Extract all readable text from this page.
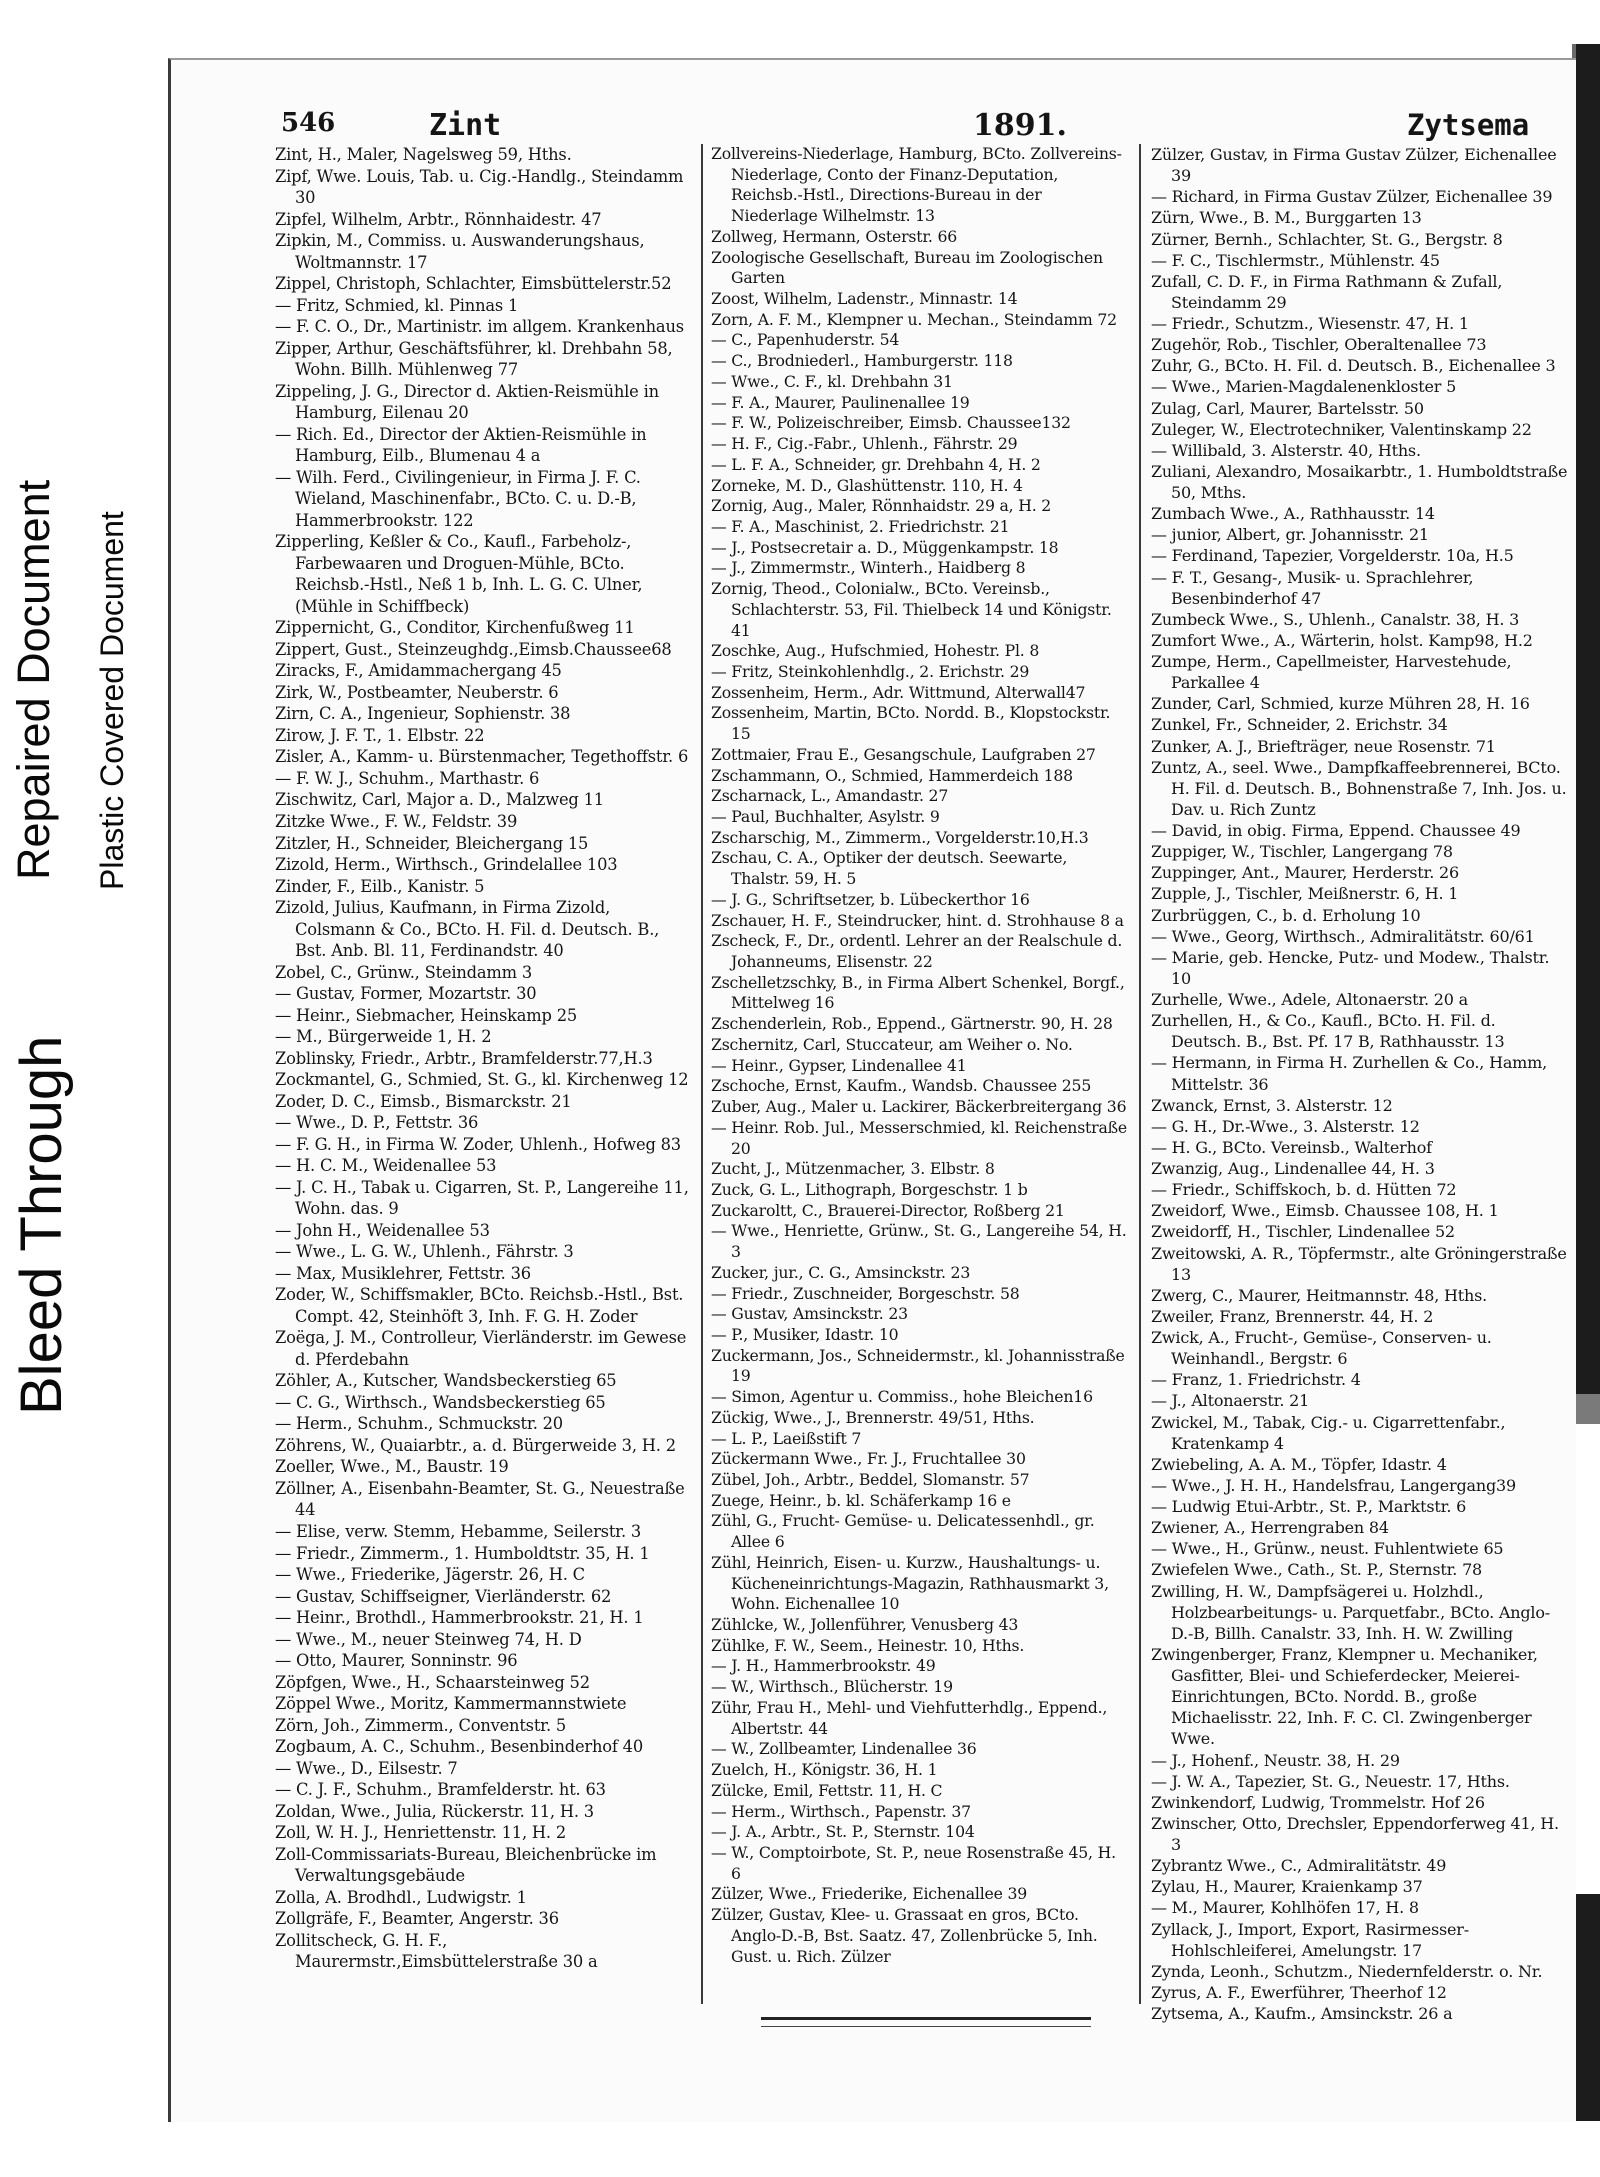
Bleed Through
Repaired Document Plastic Covered Document
546	Zint	1891.	Zytsema
Zint, H., Maler, Nagelsweg 59, Hths.
Zipf, Wwe. Louis, Tab. u. Cig.-Handlg., Steindamm 30
Zipfel, Wilhelm, Arbtr., Rönnhaidestr. 47
Zipkin, M., Commiss. u. Auswanderungshaus, Woltmannstr. 17
Zippel, Christoph, Schlachter, Eimsbüttelerstr.52
— Fritz, Schmied, kl. Pinnas 1
— F. C. O., Dr., Martinistr. im allgem. Krankenhaus
Zipper, Arthur, Geschäftsführer, kl. Drehbahn 58, Wohn. Billh. Mühlenweg 77
Zippeling, J. G., Director d. Aktien-Reismühle in Hamburg, Eilenau 20
— Rich. Ed., Director der Aktien-Reismühle in Hamburg, Eilb., Blumenau 4 a
— Wilh. Ferd., Civilingenieur, in Firma J. F. C. Wieland, Maschinenfabr., BCto. C. u. D.-B, Hammerbrookstr. 122
Zipperling, Keßler & Co., Kaufl., Farbeholz-, Farbewaaren und Droguen-Mühle, BCto. Reichsb.-Hstl., Neß 1 b, Inh. L. G. C. Ulner, (Mühle in Schiffbeck)
Zippernicht, G., Conditor, Kirchenfußweg 11
Zippert, Gust., Steinzeughdg.,Eimsb.Chaussee68
Ziracks, F., Amidammachergang 45
Zirk, W., Postbeamter, Neuberstr. 6
Zirn, C. A., Ingenieur, Sophienstr. 38
Zirow, J. F. T., 1. Elbstr. 22
Zisler, A., Kamm- u. Bürstenmacher, Tegethoffstr. 6
— F. W. J., Schuhm., Marthastr. 6
Zischwitz, Carl, Major a. D., Malzweg 11
Zitzke Wwe., F. W., Feldstr. 39
Zitzler, H., Schneider, Bleichergang 15
Zizold, Herm., Wirthsch., Grindelallee 103
Zinder, F., Eilb., Kanistr. 5
Zizold, Julius, Kaufmann, in Firma Zizold, Colsmann & Co., BCto. H. Fil. d. Deutsch. B., Bst. Anb. Bl. 11, Ferdinandstr. 40
Zobel, C., Grünw., Steindamm 3
— Gustav, Former, Mozartstr. 30
— Heinr., Siebmacher, Heinskamp 25
— M., Bürgerweide 1, H. 2
Zoblinsky, Friedr., Arbtr., Bramfelderstr.77,H.3
Zockmantel, G., Schmied, St. G., kl. Kirchenweg 12
Zoder, D. C., Eimsb., Bismarckstr. 21
— Wwe., D. P., Fettstr. 36
— F. G. H., in Firma W. Zoder, Uhlenh., Hofweg 83
— H. C. M., Weidenallee 53
— J. C. H., Tabak u. Cigarren, St. P., Langereihe 11, Wohn. das. 9
— John H., Weidenallee 53
— Wwe., L. G. W., Uhlenh., Fährstr. 3
— Max, Musiklehrer, Fettstr. 36
Zoder, W., Schiffsmakler, BCto. Reichsb.-Hstl., Bst. Compt. 42, Steinhöft 3, Inh. F. G. H. Zoder
Zoëga, J. M., Controlleur, Vierländerstr. im Gewese d. Pferdebahn
Zöhler, A., Kutscher, Wandsbeckerstieg 65
— C. G., Wirthsch., Wandsbeckerstieg 65
— Herm., Schuhm., Schmuckstr. 20
Zöhrens, W., Quaiarbtr., a. d. Bürgerweide 3, H. 2
Zoeller, Wwe., M., Baustr. 19
Zöllner, A., Eisenbahn-Beamter, St. G., Neuestraße 44
— Elise, verw. Stemm, Hebamme, Seilerstr. 3
— Friedr., Zimmerm., 1. Humboldtstr. 35, H. 1
— Wwe., Friederike, Jägerstr. 26, H. C
— Gustav, Schiffseigner, Vierländerstr. 62
— Heinr., Brothdl., Hammerbrookstr. 21, H. 1
— Wwe., M., neuer Steinweg 74, H. D
— Otto, Maurer, Sonninstr. 96
Zöpfgen, Wwe., H., Schaarsteinweg 52
Zöppel Wwe., Moritz, Kammermannstwiete
Zörn, Joh., Zimmerm., Conventstr. 5
Zogbaum, A. C., Schuhm., Besenbinderhof 40
— Wwe., D., Eilsestr. 7
— C. J. F., Schuhm., Bramfelderstr. ht. 63
Zoldan, Wwe., Julia, Rückerstr. 11, H. 3
Zoll, W. H. J., Henriettenstr. 11, H. 2
Zoll-Commissariats-Bureau, Bleichenbrücke im Verwaltungsgebäude
Zolla, A. Brodhdl., Ludwigstr. 1
Zollgräfe, F., Beamter, Angerstr. 36
Zollitscheck, G. H. F., Maurermstr.,Eimsbüttelerstraße 30 a
Zollvereins-Niederlage, Hamburg, BCto. Zollvereins-Niederlage, Conto der Finanz-Deputation, Reichsb.-Hstl., Directions-Bureau in der Niederlage Wilhelmstr. 13
Zollweg, Hermann, Osterstr. 66
Zoologische Gesellschaft, Bureau im Zoologischen Garten
Zoost, Wilhelm, Ladenstr., Minnastr. 14
Zorn, A. F. M., Klempner u. Mechan., Steindamm 72
— C., Papenhuderstr. 54
— C., Brodniederl., Hamburgerstr. 118
— Wwe., C. F., kl. Drehbahn 31
— F. A., Maurer, Paulinenallee 19
— F. W., Polizeischreiber, Eimsb. Chaussee132
— H. F., Cig.-Fabr., Uhlenh., Fährstr. 29
— L. F. A., Schneider, gr. Drehbahn 4, H. 2
Zorneke, M. D., Glashüttenstr. 110, H. 4
Zornig, Aug., Maler, Rönnhaidstr. 29 a, H. 2
— F. A., Maschinist, 2. Friedrichstr. 21
— J., Postsecretair a. D., Müggenkampstr. 18
— J., Zimmermstr., Winterh., Haidberg 8
Zornig, Theod., Colonialw., BCto. Vereinsb., Schlachterstr. 53, Fil. Thielbeck 14 und Königstr. 41
Zoschke, Aug., Hufschmied, Hohestr. Pl. 8
— Fritz, Steinkohlenhdlg., 2. Erichstr. 29
Zossenheim, Herm., Adr. Wittmund, Alterwall47
Zossenheim, Martin, BCto. Nordd. B., Klopstockstr. 15
Zottmaier, Frau E., Gesangschule, Laufgraben 27
Zschammann, O., Schmied, Hammerdeich 188
Zscharnack, L., Amandastr. 27
— Paul, Buchhalter, Asylstr. 9
Zscharschig, M., Zimmerm., Vorgelderstr.10,H.3
Zschau, C. A., Optiker der deutsch. Seewarte, Thalstr. 59, H. 5
— J. G., Schriftsetzer, b. Lübeckerthor 16
Zschauer, H. F., Steindrucker, hint. d. Strohhause 8 a
Zscheck, F., Dr., ordentl. Lehrer an der Realschule d. Johanneums, Elisenstr. 22
Zschelletzschky, B., in Firma Albert Schenkel, Borgf., Mittelweg 16
Zschenderlein, Rob., Eppend., Gärtnerstr. 90, H. 28
Zschernitz, Carl, Stuccateur, am Weiher o. No.
— Heinr., Gypser, Lindenallee 41
Zschoche, Ernst, Kaufm., Wandsb. Chaussee 255
Zuber, Aug., Maler u. Lackirer, Bäckerbreitergang 36
— Heinr. Rob. Jul., Messerschmied, kl. Reichenstraße 20
Zucht, J., Mützenmacher, 3. Elbstr. 8
Zuck, G. L., Lithograph, Borgeschstr. 1 b
Zuckaroltt, C., Brauerei-Director, Roßberg 21
— Wwe., Henriette, Grünw., St. G., Langereihe 54, H. 3
Zucker, jur., C. G., Amsinckstr. 23
— Friedr., Zuschneider, Borgeschstr. 58
— Gustav, Amsinckstr. 23
— P., Musiker, Idastr. 10
Zuckermann, Jos., Schneidermstr., kl. Johannisstraße 19
— Simon, Agentur u. Commiss., hohe Bleichen16
Zückig, Wwe., J., Brennerstr. 49/51, Hths.
— L. P., Laeißstift 7
Zückermann Wwe., Fr. J., Fruchtallee 30
Zübel, Joh., Arbtr., Beddel, Slomanstr. 57
Zuege, Heinr., b. kl. Schäferkamp 16 e
Zühl, G., Frucht- Gemüse- u. Delicatessenhdl., gr. Allee 6
Zühl, Heinrich, Eisen- u. Kurzw., Haushaltungs- u. Kücheneinrichtungs-Magazin, Rathhausmarkt 3, Wohn. Eichenallee 10
Zühlcke, W., Jollenführer, Venusberg 43
Zühlke, F. W., Seem., Heinestr. 10, Hths.
— J. H., Hammerbrookstr. 49
— W., Wirthsch., Blücherstr. 19
Zühr, Frau H., Mehl- und Viehfutterhdlg., Eppend., Albertstr. 44
— W., Zollbeamter, Lindenallee 36
Zuelch, H., Königstr. 36, H. 1
Zülcke, Emil, Fettstr. 11, H. C
— Herm., Wirthsch., Papenstr. 37
— J. A., Arbtr., St. P., Sternstr. 104
— W., Comptoirbote, St. P., neue Rosenstraße 45, H. 6
Zülzer, Wwe., Friederike, Eichenallee 39
Zülzer, Gustav, Klee- u. Grassaat en gros, BCto. Anglo-D.-B, Bst. Saatz. 47, Zollenbrücke 5, Inh. Gust. u. Rich. Zülzer
Zülzer, Gustav, in Firma Gustav Zülzer, Eichenallee 39
— Richard, in Firma Gustav Zülzer, Eichenallee 39
Zürn, Wwe., B. M., Burggarten 13
Zürner, Bernh., Schlachter, St. G., Bergstr. 8
— F. C., Tischlermstr., Mühlenstr. 45
Zufall, C. D. F., in Firma Rathmann & Zufall, Steindamm 29
— Friedr., Schutzm., Wiesenstr. 47, H. 1
Zugehör, Rob., Tischler, Oberaltenallee 73
Zuhr, G., BCto. H. Fil. d. Deutsch. B., Eichenallee 3
— Wwe., Marien-Magdalenenkloster 5
Zulag, Carl, Maurer, Bartelsstr. 50
Zuleger, W., Electrotechniker, Valentinskamp 22
— Willibald, 3. Alsterstr. 40, Hths.
Zuliani, Alexandro, Mosaikarbtr., 1. Humboldtstraße 50, Mths.
Zumbach Wwe., A., Rathhausstr. 14
— junior, Albert, gr. Johannisstr. 21
— Ferdinand, Tapezier, Vorgelderstr. 10a, H.5
— F. T., Gesang-, Musik- u. Sprachlehrer, Besenbinderhof 47
Zumbeck Wwe., S., Uhlenh., Canalstr. 38, H. 3
Zumfort Wwe., A., Wärterin, holst. Kamp98, H.2
Zumpe, Herm., Capellmeister, Harvestehude, Parkallee 4
Zunder, Carl, Schmied, kurze Mühren 28, H. 16
Zunkel, Fr., Schneider, 2. Erichstr. 34
Zunker, A. J., Briefträger, neue Rosenstr. 71
Zuntz, A., seel. Wwe., Dampfkaffeebrennerei, BCto. H. Fil. d. Deutsch. B., Bohnenstraße 7, Inh. Jos. u. Dav. u. Rich Zuntz
— David, in obig. Firma, Eppend. Chaussee 49
Zuppiger, W., Tischler, Langergang 78
Zuppinger, Ant., Maurer, Herderstr. 26
Zupple, J., Tischler, Meißnerstr. 6, H. 1
Zurbrüggen, C., b. d. Erholung 10
— Wwe., Georg, Wirthsch., Admiralitätstr. 60/61
— Marie, geb. Hencke, Putz- und Modew., Thalstr. 10
Zurhelle, Wwe., Adele, Altonaerstr. 20 a
Zurhellen, H., & Co., Kaufl., BCto. H. Fil. d. Deutsch. B., Bst. Pf. 17 B, Rathhausstr. 13
— Hermann, in Firma H. Zurhellen & Co., Hamm, Mittelstr. 36
Zwanck, Ernst, 3. Alsterstr. 12
— G. H., Dr.-Wwe., 3. Alsterstr. 12
— H. G., BCto. Vereinsb., Walterhof
Zwanzig, Aug., Lindenallee 44, H. 3
— Friedr., Schiffskoch, b. d. Hütten 72
Zweidorf, Wwe., Eimsb. Chaussee 108, H. 1
Zweidorff, H., Tischler, Lindenallee 52
Zweitowski, A. R., Töpfermstr., alte Gröningerstraße 13
Zwerg, C., Maurer, Heitmannstr. 48, Hths.
Zweiler, Franz, Brennerstr. 44, H. 2
Zwick, A., Frucht-, Gemüse-, Conserven- u. Weinhandl., Bergstr. 6
— Franz, 1. Friedrichstr. 4
— J., Altonaerstr. 21
Zwickel, M., Tabak, Cig.- u. Cigarrettenfabr., Kratenkamp 4
Zwiebeling, A. A. M., Töpfer, Idastr. 4
— Wwe., J. H. H., Handelsfrau, Langergang39
— Ludwig Etui-Arbtr., St. P., Marktstr. 6
Zwiener, A., Herrengraben 84
— Wwe., H., Grünw., neust. Fuhlentwiete 65
Zwiefelen Wwe., Cath., St. P., Sternstr. 78
Zwilling, H. W., Dampfsägerei u. Holzhdl., Holzbearbeitungs- u. Parquetfabr., BCto. Anglo-D.-B, Billh. Canalstr. 33, Inh. H. W. Zwilling
Zwingenberger, Franz, Klempner u. Mechaniker, Gasfitter, Blei- und Schieferdecker, Meierei-Einrichtungen, BCto. Nordd. B., große Michaelisstr. 22, Inh. F. C. Cl. Zwingenberger Wwe.
— J., Hohenf., Neustr. 38, H. 29
— J. W. A., Tapezier, St. G., Neuestr. 17, Hths.
Zwinkendorf, Ludwig, Trommelstr. Hof 26
Zwinscher, Otto, Drechsler, Eppendorferweg 41, H. 3
Zybrantz Wwe., C., Admiralitätstr. 49
Zylau, H., Maurer, Kraienkamp 37
— M., Maurer, Kohlhöfen 17, H. 8
Zyllack, J., Import, Export, Rasirmesser-Hohlschleiferei, Amelungstr. 17
Zynda, Leonh., Schutzm., Niedernfelderstr. o. Nr.
Zyrus, A. F., Ewerführer, Theerhof 12
Zytsema, A., Kaufm., Amsinckstr. 26 a
